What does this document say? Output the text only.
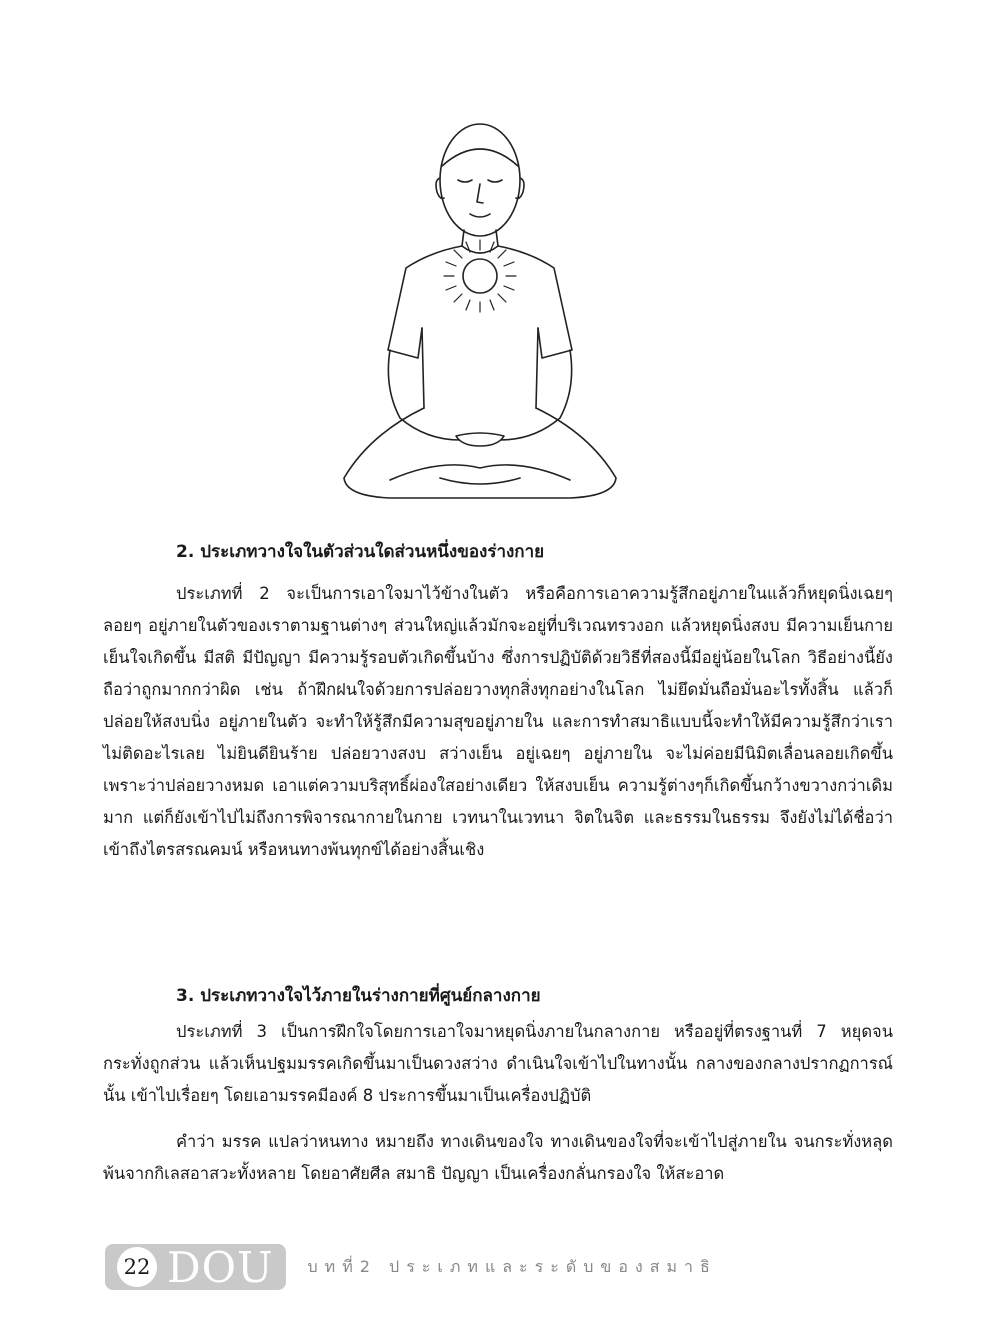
2. ประเภทวางใจในตัวส่วนใดส่วนหนึ่งของร่างกาย
ประเภทที่ 2 จะเป็นการเอาใจมาไว้ข้างในตัว หรือคือการเอาความรู้สึกอยู่ภายในแล้วก็หยุดนิ่งเฉยๆ ลอยๆ อยู่ภายในตัวของเราตามฐานต่างๆ ส่วนใหญ่แล้วมักจะอยู่ที่บริเวณทรวงอก แล้วหยุดนิ่งสงบ มีความเย็นกายเย็นใจเกิดขึ้น มีสติ มีปัญญา มีความรู้รอบตัวเกิดขึ้นบ้าง ซึ่งการปฏิบัติด้วยวิธีที่สองนี้มีอยู่น้อยในโลก วิธีอย่างนี้ยังถือว่าถูกมากกว่าผิด เช่น ถ้าฝึกฝนใจด้วยการปล่อยวางทุกสิ่งทุกอย่างในโลก ไม่ยึดมั่นถือมั่นอะไรทั้งสิ้น แล้วก็ปล่อยให้สงบนิ่ง อยู่ภายในตัว จะทำให้รู้สึกมีความสุขอยู่ภายใน และการทำสมาธิแบบนี้จะทำให้มีความรู้สึกว่าเราไม่ติดอะไรเลย ไม่ยินดียินร้าย ปล่อยวางสงบ สว่างเย็น อยู่เฉยๆ อยู่ภายใน จะไม่ค่อยมีนิมิตเลื่อนลอยเกิดขึ้น เพราะว่าปล่อยวางหมด เอาแต่ความบริสุทธิ์ผ่องใสอย่างเดียว ให้สงบเย็น ความรู้ต่างๆก็เกิดขึ้นกว้างขวางกว่าเดิมมาก แต่ก็ยังเข้าไปไม่ถึงการพิจารณากายในกาย เวทนาในเวทนา จิตในจิต และธรรมในธรรม จึงยังไม่ได้ชื่อว่าเข้าถึงไตรสรณคมน์ หรือหนทางพ้นทุกข์ได้อย่างสิ้นเชิง
3. ประเภทวางใจไว้ภายในร่างกายที่ศูนย์กลางกาย
ประเภทที่ 3 เป็นการฝึกใจโดยการเอาใจมาหยุดนิ่งภายในกลางกาย หรืออยู่ที่ตรงฐานที่ 7 หยุดจนกระทั่งถูกส่วน แล้วเห็นปฐมมรรคเกิดขึ้นมาเป็นดวงสว่าง ดำเนินใจเข้าไปในทางนั้น กลางของกลางปรากฏการณ์นั้น เข้าไปเรื่อยๆ โดยเอามรรคมีองค์ 8 ประการขึ้นมาเป็นเครื่องปฏิบัติ
คำว่า มรรค แปลว่าหนทาง หมายถึง ทางเดินของใจ ทางเดินของใจที่จะเข้าไปสู่ภายใน จนกระทั่งหลุดพ้นจากกิเลสอาสวะทั้งหลาย โดยอาศัยศีล สมาธิ ปัญญา เป็นเครื่องกลั่นกรองใจ ให้สะอาด
22 DOU บทที่2 ประเภทและระดับของสมาธิ
